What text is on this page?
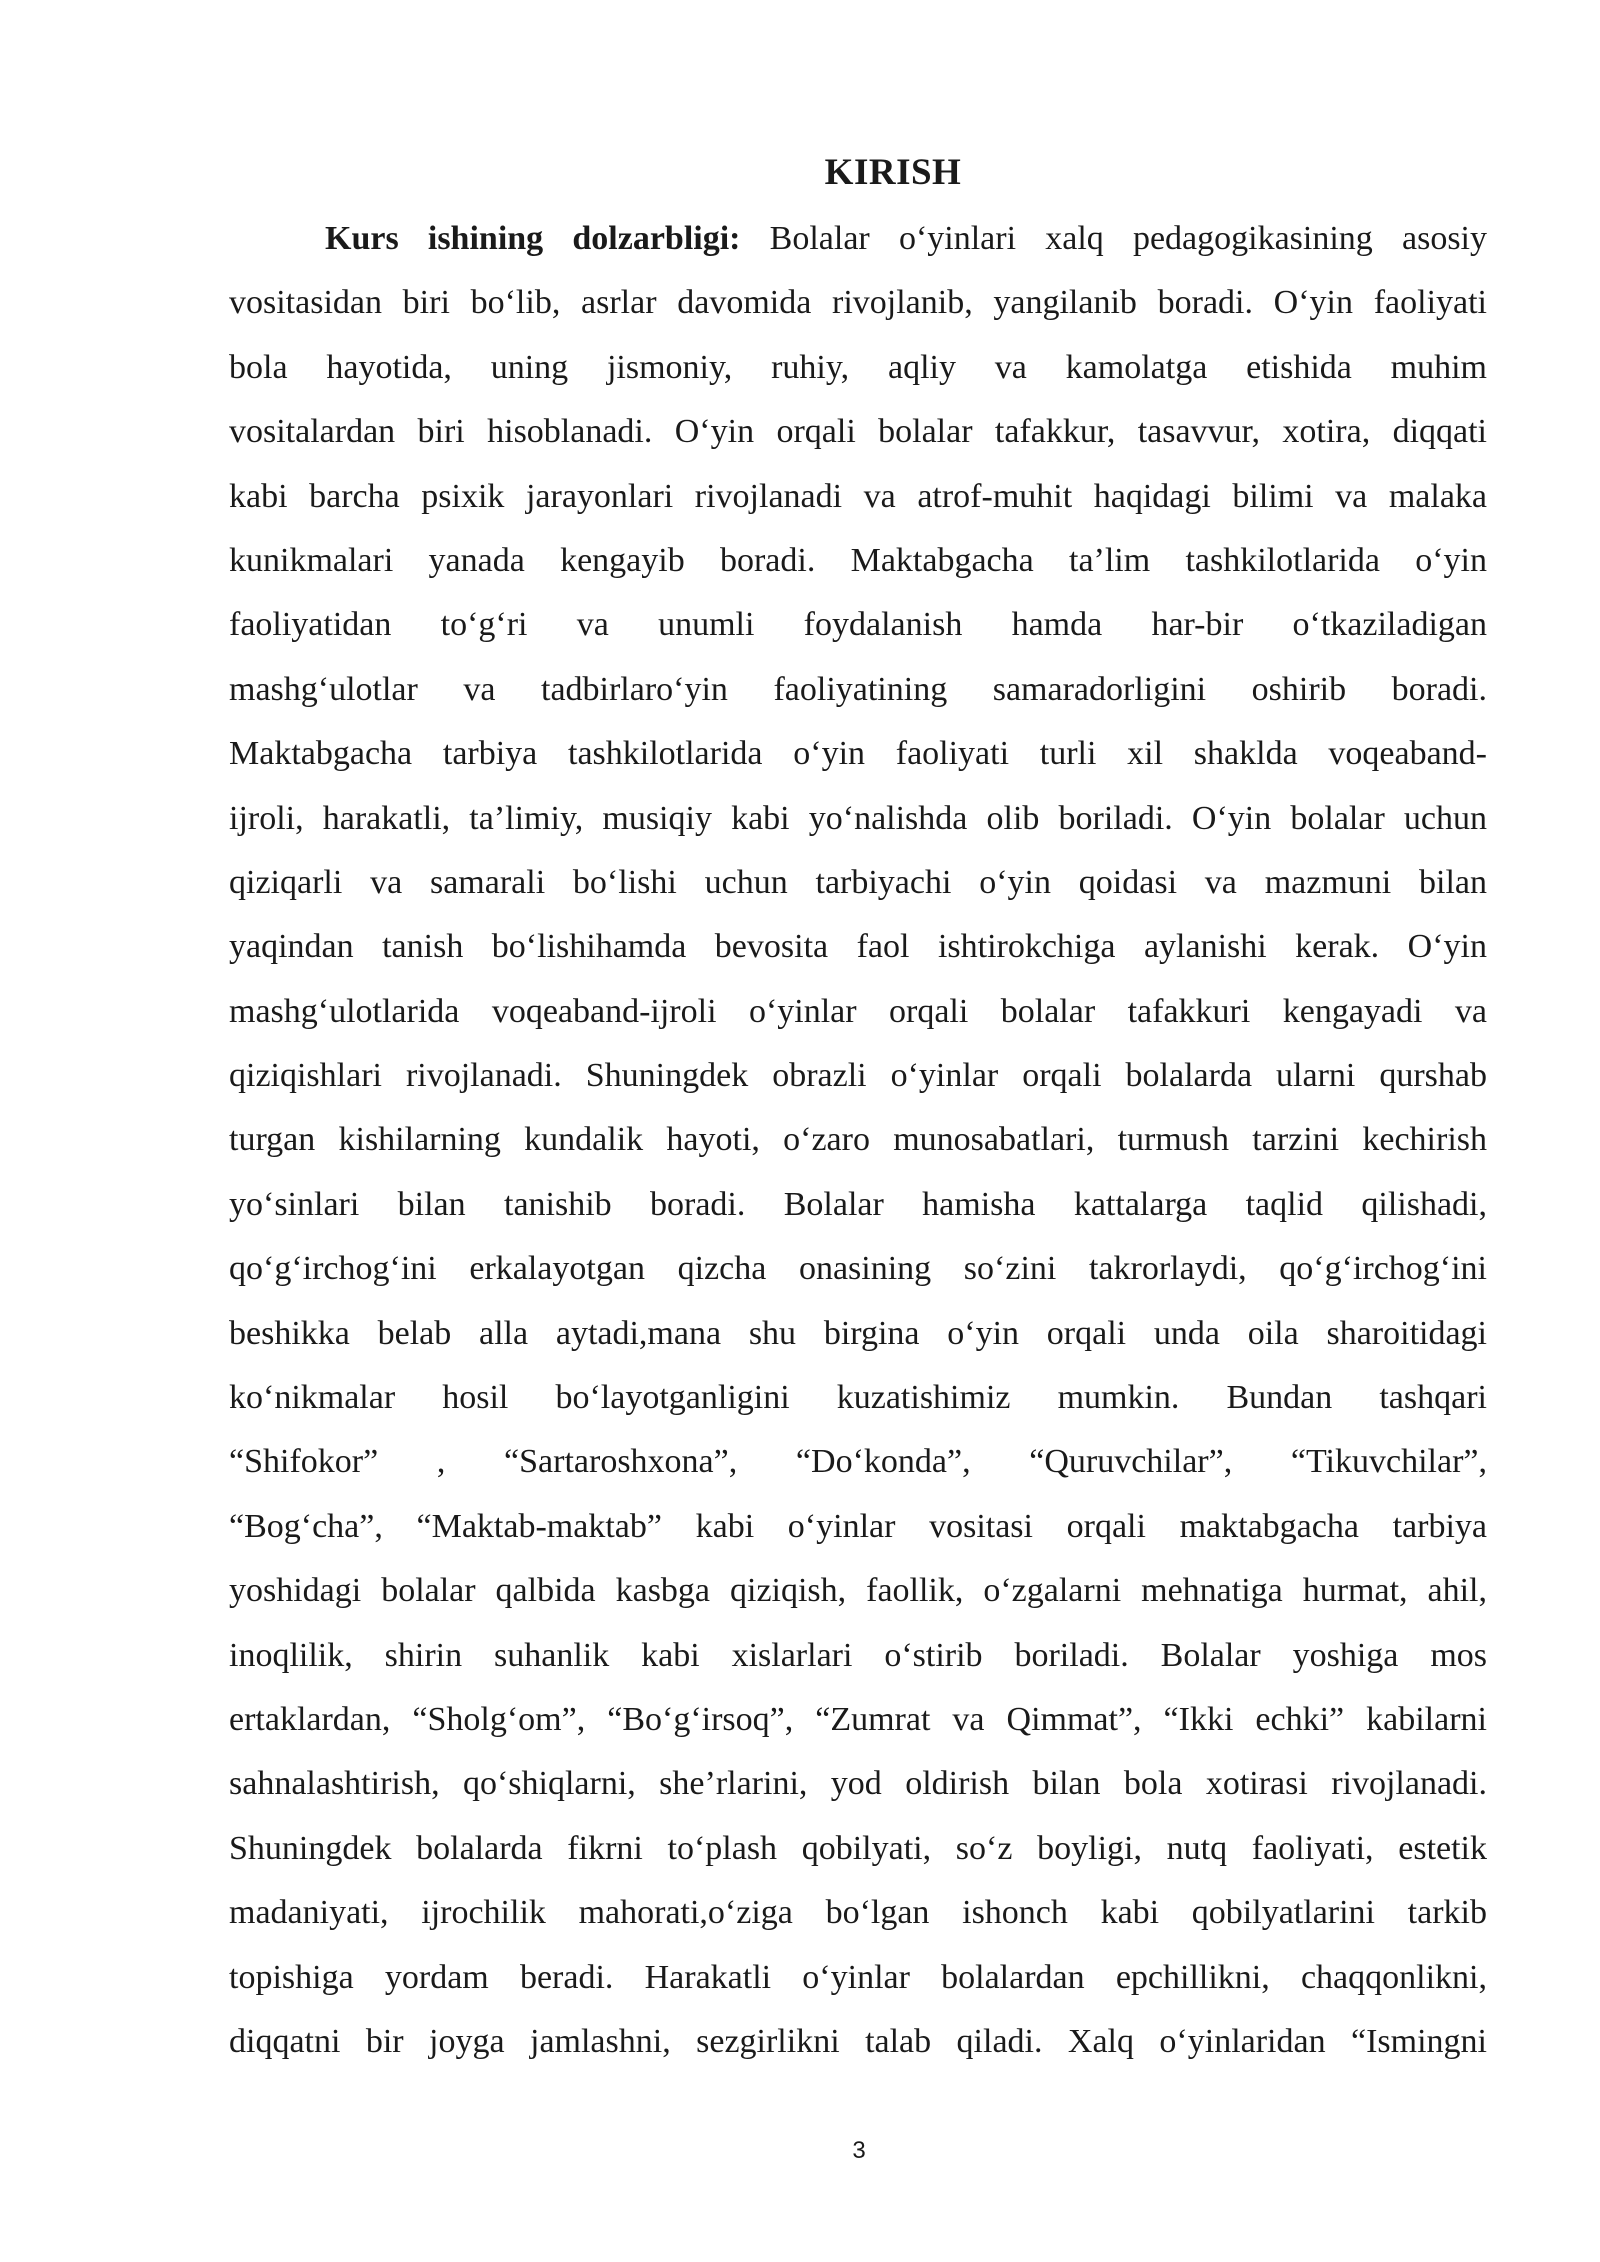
KIRISH
Kurs ishining dolzarbligi: Bolalar o‘yinlari xalq pedagogikasining asosiy
vositasidan biri bo‘lib, asrlar davomida rivojlanib, yangilanib boradi. O‘yin faoliyati
bola hayotida, uning jismoniy, ruhiy, aqliy va kamolatga etishida muhim
vositalardan biri hisoblanadi. O‘yin orqali bolalar tafakkur, tasavvur, xotira, diqqati
kabi barcha psixik jarayonlari rivojlanadi va atrof-muhit haqidagi bilimi va malaka
kunikmalari yanada kengayib boradi. Maktabgacha ta’lim tashkilotlarida o‘yin
faoliyatidan to‘g‘ri va unumli foydalanish hamda har-bir o‘tkaziladigan
mashg‘ulotlar va tadbirlaro‘yin faoliyatining samaradorligini oshirib boradi.
Maktabgacha tarbiya tashkilotlarida o‘yin faoliyati turli xil shaklda voqeaband-
ijroli, harakatli, ta’limiy, musiqiy kabi yo‘nalishda olib boriladi. O‘yin bolalar uchun
qiziqarli va samarali bo‘lishi uchun tarbiyachi o‘yin qoidasi va mazmuni bilan
yaqindan tanish bo‘lishihamda bevosita faol ishtirokchiga aylanishi kerak. O‘yin
mashg‘ulotlarida voqeaband-ijroli o‘yinlar orqali bolalar tafakkuri kengayadi va
qiziqishlari rivojlanadi. Shuningdek obrazli o‘yinlar orqali bolalarda ularni qurshab
turgan kishilarning kundalik hayoti, o‘zaro munosabatlari, turmush tarzini kechirish
yo‘sinlari bilan tanishib boradi. Bolalar hamisha kattalarga taqlid qilishadi,
qo‘g‘irchog‘ini erkalayotgan qizcha onasining so‘zini takrorlaydi, qo‘g‘irchog‘ini
beshikka belab alla aytadi,mana shu birgina o‘yin orqali unda oila sharoitidagi
ko‘nikmalar hosil bo‘layotganligini kuzatishimiz mumkin. Bundan tashqari
“Shifokor” , “Sartaroshxona”, “Do‘konda”, “Quruvchilar”, “Tikuvchilar”,
“Bog‘cha”, “Maktab-maktab” kabi o‘yinlar vositasi orqali maktabgacha tarbiya
yoshidagi bolalar qalbida kasbga qiziqish, faollik, o‘zgalarni mehnatiga hurmat, ahil,
inoqlilik, shirin suhanlik kabi xislarlari o‘stirib boriladi. Bolalar yoshiga mos
ertaklardan, “Sholg‘om”, “Bo‘g‘irsoq”, “Zumrat va Qimmat”, “Ikki echki” kabilarni
sahnalashtirish, qo‘shiqlarni, she’rlarini, yod oldirish bilan bola xotirasi rivojlanadi.
Shuningdek bolalarda fikrni to‘plash qobilyati, so‘z boyligi, nutq faoliyati, estetik
madaniyati, ijrochilik mahorati,o‘ziga bo‘lgan ishonch kabi qobilyatlarini tarkib
topishiga yordam beradi. Harakatli o‘yinlar bolalardan epchillikni, chaqqonlikni,
diqqatni bir joyga jamlashni, sezgirlikni talab qiladi. Xalq o‘yinlaridan “Ismingni
3
